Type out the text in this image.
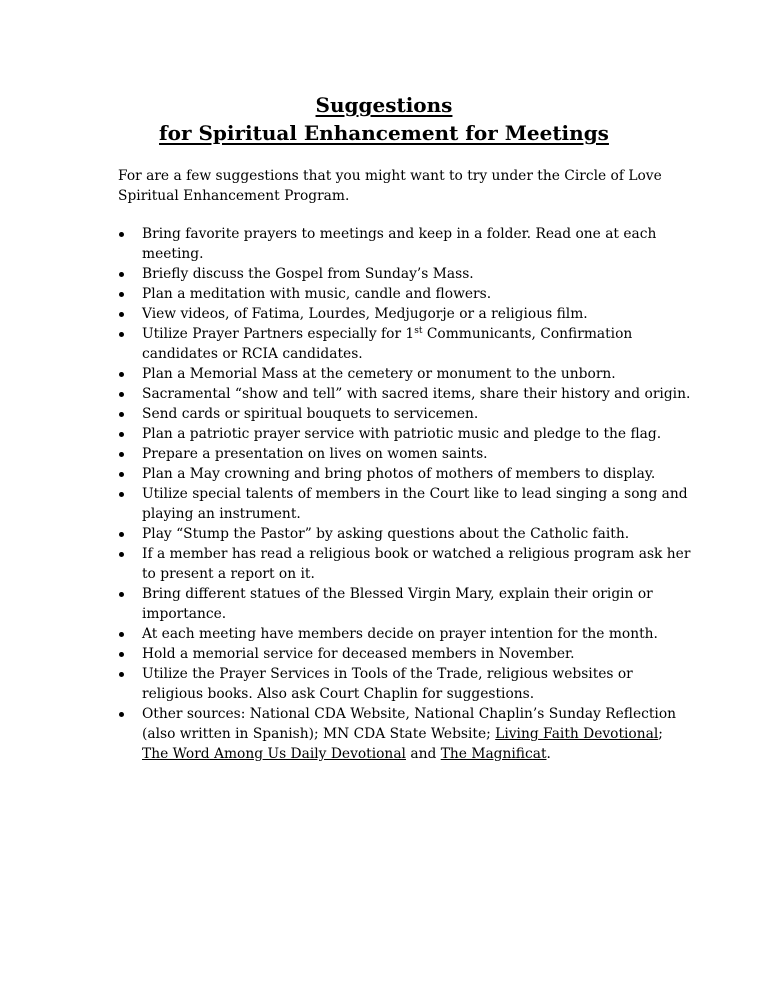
Suggestions
for Spiritual Enhancement for Meetings
For are a few suggestions that you might want to try under the Circle of Love Spiritual Enhancement Program.
Bring favorite prayers to meetings and keep in a folder. Read one at each meeting.
Briefly discuss the Gospel from Sunday’s Mass.
Plan a meditation with music, candle and flowers.
View videos, of Fatima, Lourdes, Medjugorje or a religious film.
Utilize Prayer Partners especially for 1st Communicants, Confirmation candidates or RCIA candidates.
Plan a Memorial Mass at the cemetery or monument to the unborn.
Sacramental “show and tell” with sacred items, share their history and origin.
Send cards or spiritual bouquets to servicemen.
Plan a patriotic prayer service with patriotic music and pledge to the flag.
Prepare a presentation on lives on women saints.
Plan a May crowning and bring photos of mothers of members to display.
Utilize special talents of members in the Court like to lead singing a song and playing an instrument.
Play “Stump the Pastor” by asking questions about the Catholic faith.
If a member has read a religious book or watched a religious program ask her to present a report on it.
Bring different statues of the Blessed Virgin Mary, explain their origin or importance.
At each meeting have members decide on prayer intention for the month.
Hold a memorial service for deceased members in November.
Utilize the Prayer Services in Tools of the Trade, religious websites or religious books. Also ask Court Chaplin for suggestions.
Other sources: National CDA Website, National Chaplin’s Sunday Reflection (also written in Spanish); MN CDA State Website; Living Faith Devotional; The Word Among Us Daily Devotional and The Magnificat.
